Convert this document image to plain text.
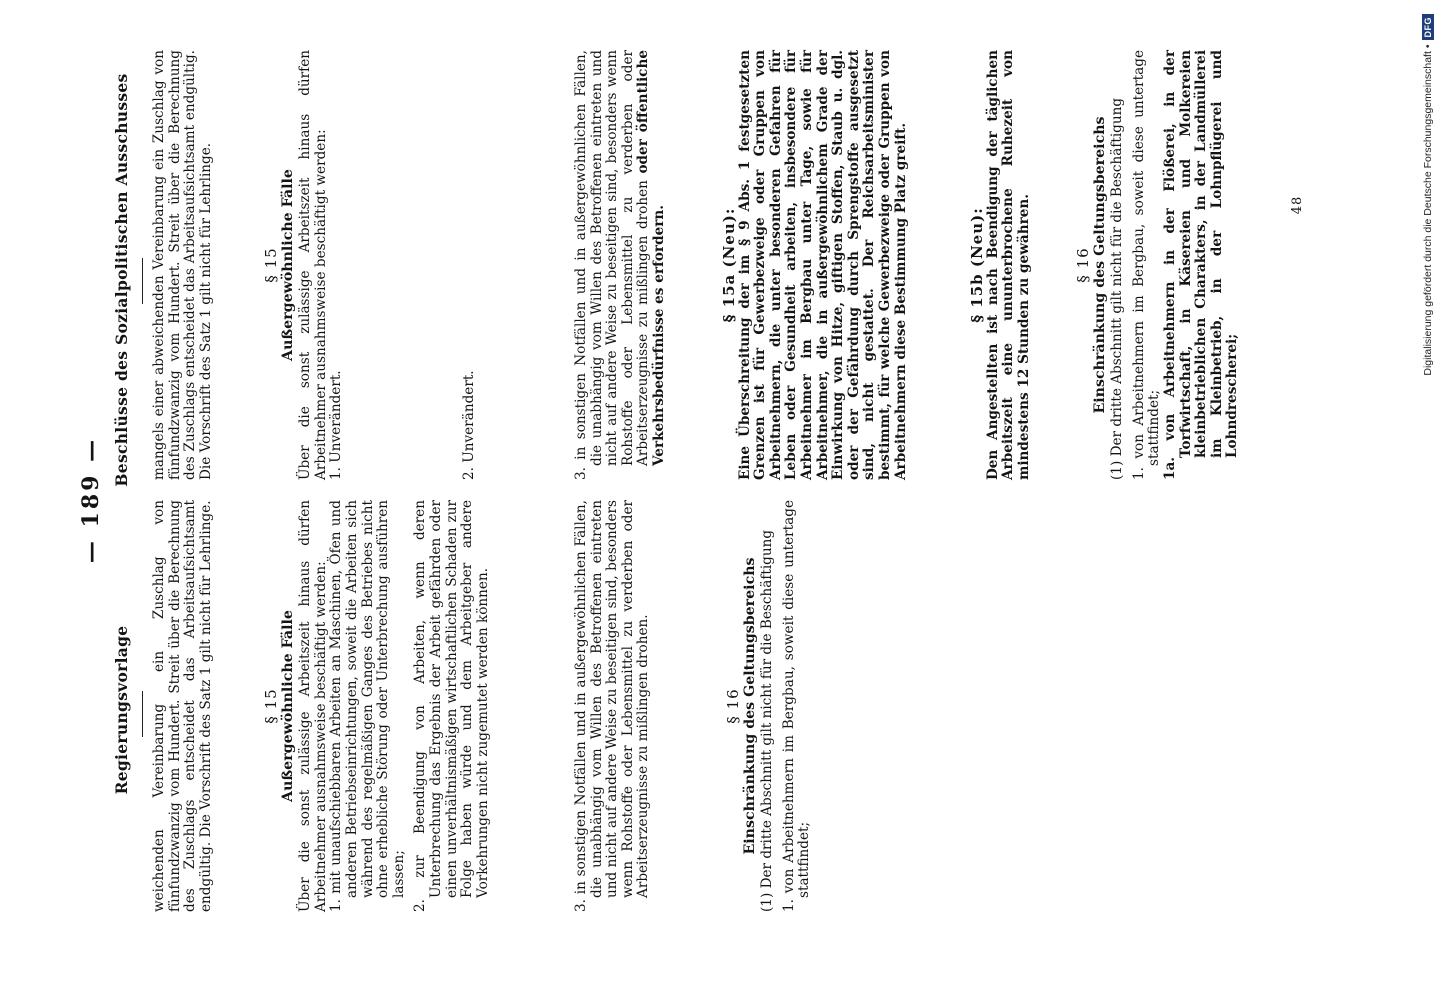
— 189 —
Regierungsvorlage
Beschlüsse des Sozialpolitischen Ausschusses

weichenden Vereinbarung ein Zuschlag von fünfundzwanzig vom Hundert. Streit über die Berechnung des Zuschlags entscheidet das Arbeitsaufsichtsamt endgültig. Die Vorschrift des Satz 1 gilt nicht für Lehrlinge.	§ 15 Außergewöhnliche Fälle Über die sonst zulässige Arbeitszeit hinaus dürfen Arbeitnehmer ausnahmsweise beschäftigt werden: 1. mit unaufschiebbaren Arbeiten an Maschinen, Öfen und anderen Betriebseinrichtungen, soweit die Arbeiten sich während des regelmäßigen Ganges des Betriebes nicht ohne erhebliche Störung oder Unterbrechung ausführen lassen; 2. zur Beendigung von Arbeiten, wenn deren Unterbrechung das Ergebnis der Arbeit gefährden oder einen unverhältnismäßigen wirtschaftlichen Schaden zur Folge haben würde und dem Arbeitgeber andere Vorkehrungen nicht zugemutet werden können.	3. in sonstigen Notfällen und in außergewöhnlichen Fällen, die unabhängig vom Willen des Betroffenen eintreten und nicht auf andere Weise zu beseitigen sind, besonders wenn Rohstoffe oder Lebensmittel zu verderben oder Arbeitserzeugnisse zu mißlingen drohen.	§ 16 Einschränkung des Geltungsbereichs (1) Der dritte Abschnitt gilt nicht für die Beschäftigung 1. von Arbeitnehmern im Bergbau, soweit diese untertage stattfindet;

mangels einer abweichenden Vereinbarung ein Zuschlag von fünfundzwanzig vom Hundert. Streit über die Berechnung des Zuschlags entscheidet das Arbeitsaufsichtsamt endgültig. Die Vorschrift des Satz 1 gilt nicht für Lehrlinge.	§ 15 Außergewöhnliche Fälle Über die sonst zulässige Arbeitszeit hinaus dürfen Arbeitnehmer ausnahmsweise beschäftigt werden: 1. Unverändert.	2. Unverändert.	3. in sonstigen Notfällen und in außergewöhnlichen Fällen, die unabhängig vom Willen des Betroffenen eintreten und nicht auf andere Weise zu beseitigen sind, besonders wenn Rohstoffe oder Lebensmittel zu verderben oder Arbeitserzeugnisse zu mißlingen drohen oder öffentliche Verkehrsbedürfnisse es erfordern.	§ 15a (Neu):

Eine Überschreitung der im § 9 Abs. 1 festgesetzten Grenzen ist für Gewerbezweige oder Gruppen von Arbeitnehmern, die unter besonderen Gefahren für Leben oder Gesundheit arbeiten, insbesondere für Arbeitnehmer im Bergbau unter Tage, sowie für Arbeitnehmer, die in außergewöhnlichem Grade der Einwirkung von Hitze, giftigen Stoffen, Staub u. dgl. oder der Gefährdung durch Sprengstoffe ausgesetzt sind, nicht gestattet. Der Reichsarbeitsminister bestimmt, für welche Gewerbezweige oder Gruppen von Arbeitnehmern diese Bestimmung Platz greift.	§ 15b (Neu):

Den Angestellten ist nach Beendigung der täglichen Arbeitszeit eine ununterbrochene Ruhezeit von mindestens 12 Stunden zu gewähren.	§ 16 Einschränkung des Geltungsbereichs (1) Der dritte Abschnitt gilt nicht für die Beschäftigung 1. von Arbeitnehmern im Bergbau, soweit diese untertage stattfindet; 1a. von Arbeitnehmern in der Flößerei, in der Torfwirtschaft, in Käsereien und Molkereien kleinbetrieblichen Charakters, in der Landmüllerei im Kleinbetrieb, in der Lohnpflügerei und Lohndrescherei;

48	Digitalisierung gefördert durch die Deutsche Forschungsgemeinschaft •
DFG
